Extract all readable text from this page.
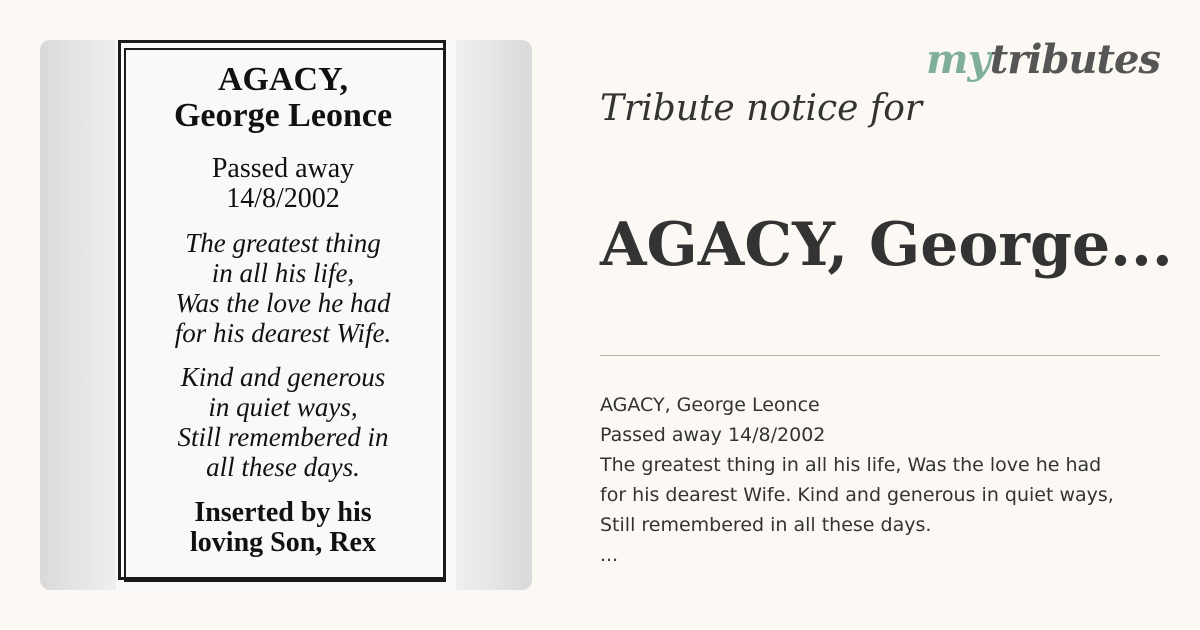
AGACY,
George Leonce
Passed away
14/8/2002
The greatest thing
in all his life,
Was the love he had
for his dearest Wife.
Kind and generous
in quiet ways,
Still remembered in
all these days.
Inserted by his
loving Son, Rex
mytributes
Tribute notice for
AGACY, George...
AGACY, George Leonce
Passed away 14/8/2002
The greatest thing in all his life, Was the love he had
for his dearest Wife. Kind and generous in quiet ways,
Still remembered in all these days.
...
